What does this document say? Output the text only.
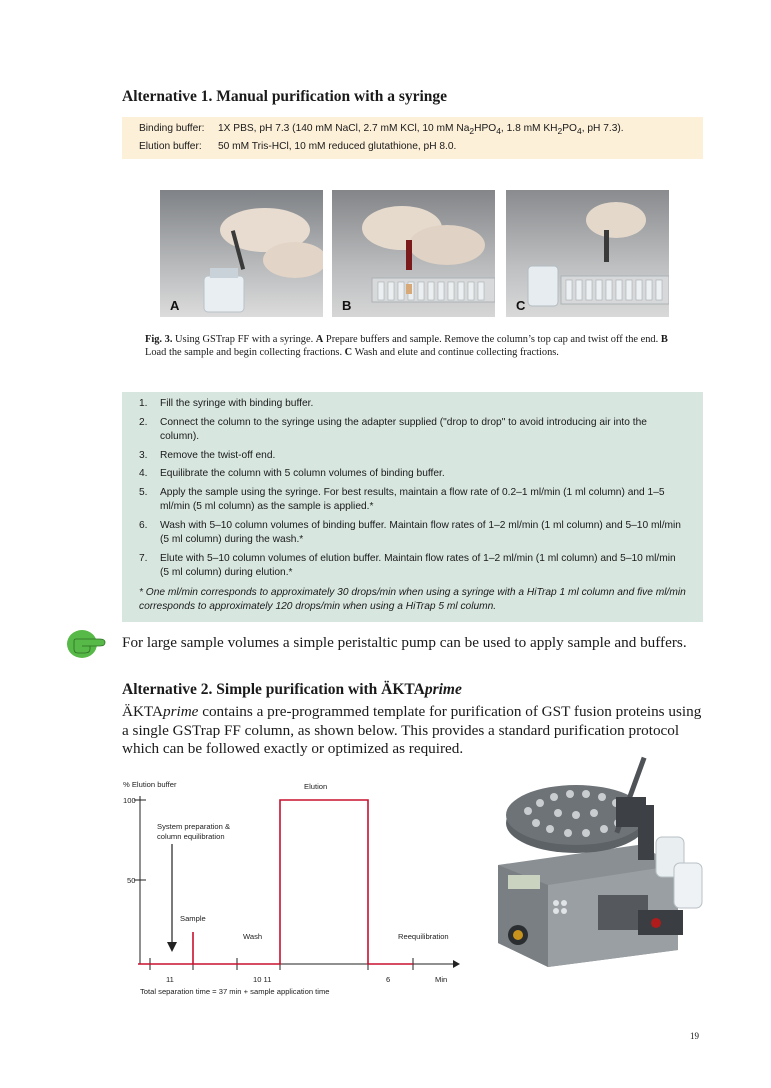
Alternative 1. Manual purification with a syringe
Binding buffer: 1X PBS, pH 7.3 (140 mM NaCl, 2.7 mM KCl, 10 mM $Na_2HPO_4$, 1.8 mM $KH_2PO_4$, pH 7.3).
Elution buffer: 50 mM Tris-HCl, 10 mM reduced glutathione, pH 8.0.
A	B	C
Fig. 3. Using GSTrap FF with a syringe. A Prepare buffers and sample. Remove the column’s top cap and twist off the end. B Load the sample and begin collecting fractions. C Wash and elute and continue collecting fractions.
1. Fill the syringe with binding buffer.
2. Connect the column to the syringe using the adapter supplied ("drop to drop" to avoid introducing air into the column).
3. Remove the twist-off end.
4. Equilibrate the column with 5 column volumes of binding buffer.
5. Apply the sample using the syringe. For best results, maintain a flow rate of 0.2–1 ml/min (1 ml column) and 1–5 ml/min (5 ml column) as the sample is applied.*
6. Wash with 5–10 column volumes of binding buffer. Maintain flow rates of 1–2 ml/min (1 ml column) and 5–10 ml/min (5 ml column) during the wash.*
7. Elute with 5–10 column volumes of elution buffer. Maintain flow rates of 1–2 ml/min (1 ml column) and 5–10 ml/min (5 ml column) during elution.*
* One ml/min corresponds to approximately 30 drops/min when using a syringe with a HiTrap 1 ml column and five ml/min corresponds to approximately 120 drops/min when using a HiTrap 5 ml column.
For large sample volumes a simple peristaltic pump can be used to apply sample and buffers.
Alternative 2. Simple purification with ÄKTAprime
ÄKTAprime contains a pre-programmed template for purification of GST fusion proteins using a single GSTrap FF column, as shown below. This provides a standard purification protocol which can be followed exactly or optimized as required.
% Elution buffer
100
50
11	10 11	6	Min
Total separation time = 37 min + sample application time
Elution
System preparation & column equilibration
Sample
Wash	Reequilibration
19
